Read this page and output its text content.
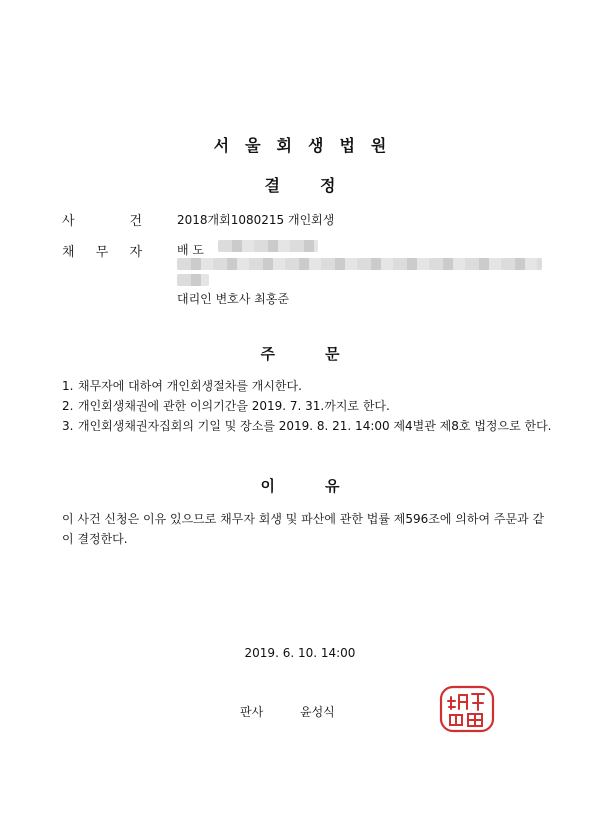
서울회생법원
결정
사	건	2018개회1080215 개인회생
채 무 자	배 도
대리인 변호사 최홍준
주문
1. 채무자에 대하여 개인회생절차를 개시한다.
2. 개인회생채권에 관한 이의기간을 2019. 7. 31.까지로 한다.
3. 개인회생채권자집회의 기일 및 장소를 2019. 8. 21. 14:00 제4별관 제8호 법정으로 한다.
이유
이 사건 신청은 이유 있으므로 채무자 회생 및 파산에 관한 법률 제596조에 의하여 주문과 같이 결정한다.
2019. 6. 10. 14:00
판사	윤성식
